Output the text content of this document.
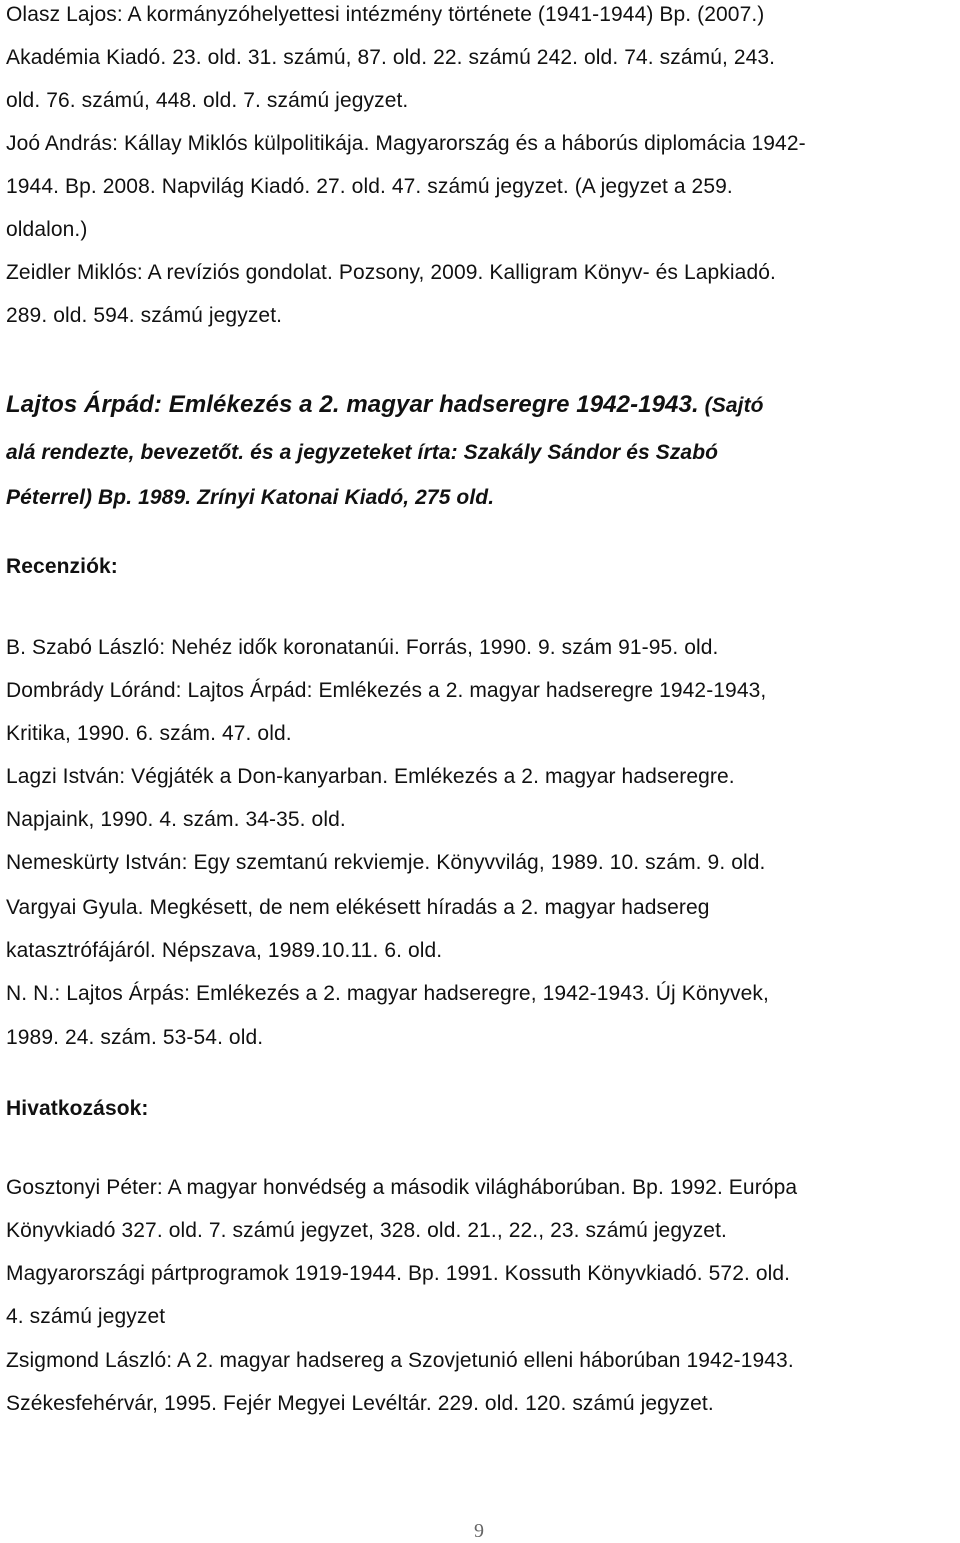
Olasz Lajos: A kormányzóhelyettesi intézmény története (1941-1944) Bp. (2007.)

Akadémia Kiadó. 23. old. 31. számú, 87. old. 22. számú 242. old. 74. számú, 243.

old. 76. számú, 448. old. 7. számú jegyzet.

Joó András: Kállay Miklós külpolitikája. Magyarország és a háborús diplomácia 1942-

1944. Bp. 2008. Napvilág Kiadó. 27. old. 47. számú jegyzet. (A jegyzet a 259.

oldalon.)

Zeidler Miklós: A revíziós gondolat. Pozsony, 2009. Kalligram Könyv- és Lapkiadó.

289. old. 594. számú jegyzet.

Lajtos Árpád: Emlékezés a 2. magyar hadseregre 1942-1943. (Sajtó

alá rendezte, bevezetőt. és a jegyzeteket írta: Szakály Sándor és Szabó

Péterrel) Bp. 1989. Zrínyi Katonai Kiadó, 275 old.

Recenziók:

B. Szabó László: Nehéz idők koronatanúi. Forrás, 1990. 9. szám 91-95. old.

Dombrády Lóránd: Lajtos Árpád: Emlékezés a 2. magyar hadseregre 1942-1943,

Kritika, 1990. 6. szám. 47. old.

Lagzi István: Végjáték a Don-kanyarban. Emlékezés a 2. magyar hadseregre.

Napjaink, 1990. 4. szám. 34-35. old.

Nemeskürty István: Egy szemtanú rekviemje. Könyvvilág, 1989. 10. szám. 9. old.

Vargyai Gyula. Megkésett, de nem elékésett híradás a 2. magyar hadsereg

katasztrófájáról. Népszava, 1989.10.11. 6. old.

N. N.: Lajtos Árpás: Emlékezés a 2. magyar hadseregre, 1942-1943. Új Könyvek,

1989. 24. szám. 53-54. old.

Hivatkozások:

Gosztonyi Péter: A magyar honvédség a második világháborúban. Bp. 1992. Európa

Könyvkiadó 327. old. 7. számú jegyzet, 328. old. 21., 22., 23. számú jegyzet.

Magyarországi pártprogramok 1919-1944. Bp. 1991. Kossuth Könyvkiadó. 572. old.

4. számú jegyzet

Zsigmond László: A 2. magyar hadsereg a Szovjetunió elleni háborúban 1942-1943.

Székesfehérvár, 1995. Fejér Megyei Levéltár. 229. old. 120. számú jegyzet.

9
